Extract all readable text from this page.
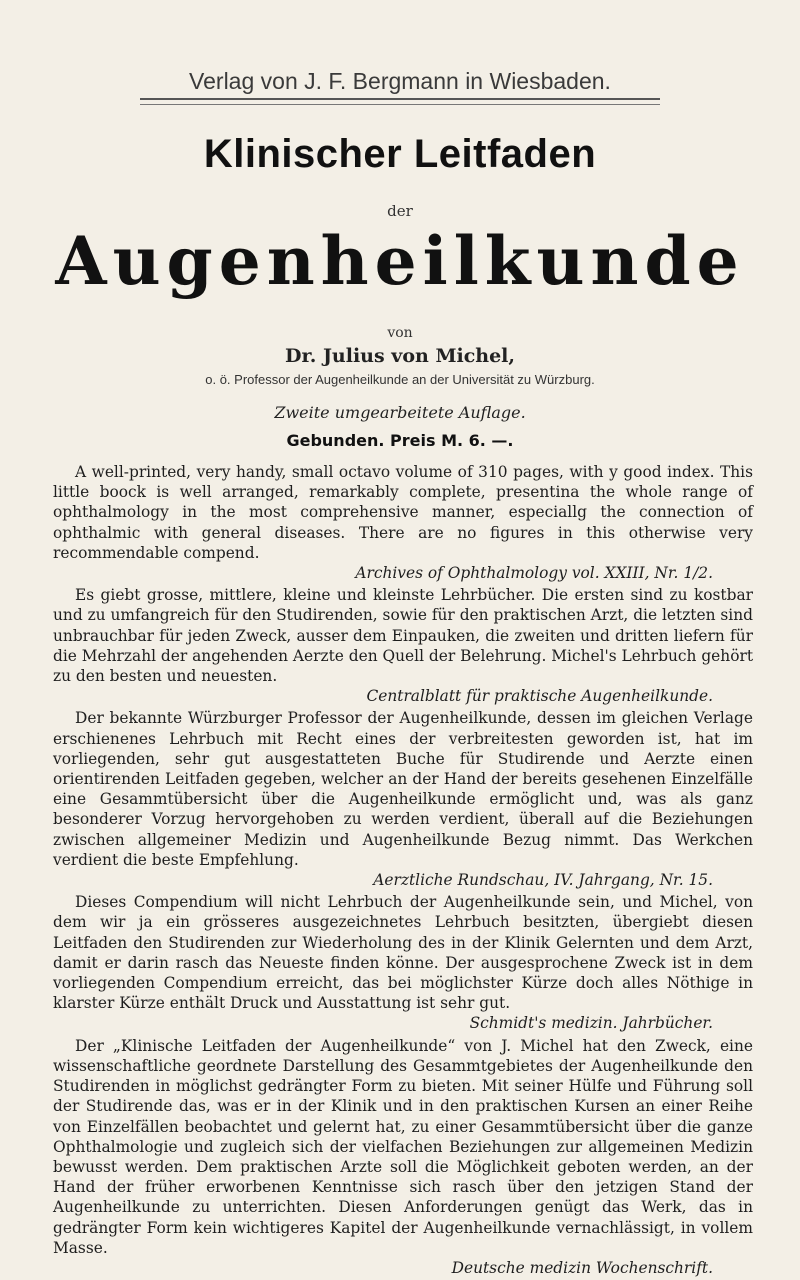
Verlag von J. F. Bergmann in Wiesbaden.
Klinischer Leitfaden
der
Augenheilkunde
von
Dr. Julius von Michel,
o. ö. Professor der Augenheilkunde an der Universität zu Würzburg.
Zweite umgearbeitete Auflage.
Gebunden. Preis M. 6. —.

A well-printed, very handy, small octavo volume of 310 pages, with y good index. This little boock is well arranged, remarkably complete, presentina the whole range of ophthalmology in the most comprehensive manner, especiallg the connection of ophthalmic with general diseases. There are no figures in this otherwise very recommendable compend.

Archives of Ophthalmology vol. XXIII, Nr. 1/2.

Es giebt grosse, mittlere, kleine und kleinste Lehrbücher. Die ersten sind zu kostbar und zu umfangreich für den Studirenden, sowie für den praktischen Arzt, die letzten sind unbrauchbar für jeden Zweck, ausser dem Einpauken, die zweiten und dritten liefern für die Mehrzahl der angehenden Aerzte den Quell der Belehrung. Michel's Lehrbuch gehört zu den besten und neuesten.

Centralblatt für praktische Augenheilkunde.

Der bekannte Würzburger Professor der Augenheilkunde, dessen im gleichen Verlage erschienenes Lehrbuch mit Recht eines der verbreitesten geworden ist, hat im vorliegenden, sehr gut ausgestatteten Buche für Studirende und Aerzte einen orientirenden Leitfaden gegeben, welcher an der Hand der bereits gesehenen Einzelfälle eine Gesammtübersicht über die Augenheilkunde ermöglicht und, was als ganz besonderer Vorzug hervorgehoben zu werden verdient, überall auf die Beziehungen zwischen allgemeiner Medizin und Augenheilkunde Bezug nimmt. Das Werkchen verdient die beste Empfehlung.

Aerztliche Rundschau, IV. Jahrgang, Nr. 15.

Dieses Compendium will nicht Lehrbuch der Augenheilkunde sein, und Michel, von dem wir ja ein grösseres ausgezeichnetes Lehrbuch besitzten, übergiebt diesen Leitfaden den Studirenden zur Wiederholung des in der Klinik Gelernten und dem Arzt, damit er darin rasch das Neueste finden könne. Der ausgesprochene Zweck ist in dem vorliegenden Compendium erreicht, das bei möglichster Kürze doch alles Nöthige in klarster Kürze enthält Druck und Ausstattung ist sehr gut.

Schmidt's medizin. Jahrbücher.

Der „Klinische Leitfaden der Augenheilkunde“ von J. Michel hat den Zweck, eine wissenschaftliche geordnete Darstellung des Gesammtgebietes der Augenheilkunde den Studirenden in möglichst gedrängter Form zu bieten. Mit seiner Hülfe und Führung soll der Studirende das, was er in der Klinik und in den praktischen Kursen an einer Reihe von Einzelfällen beobachtet und gelernt hat, zu einer Gesammtübersicht über die ganze Ophthalmologie und zugleich sich der vielfachen Beziehungen zur allgemeinen Medizin bewusst werden. Dem praktischen Arzte soll die Möglichkeit geboten werden, an der Hand der früher erworbenen Kenntnisse sich rasch über den jetzigen Stand der Augenheilkunde zu unterrichten. Diesen Anforderungen genügt das Werk, das in gedrängter Form kein wichtigeres Kapitel der Augenheilkunde vernachlässigt, in vollem Masse.

Deutsche medizin Wochenschrift.
